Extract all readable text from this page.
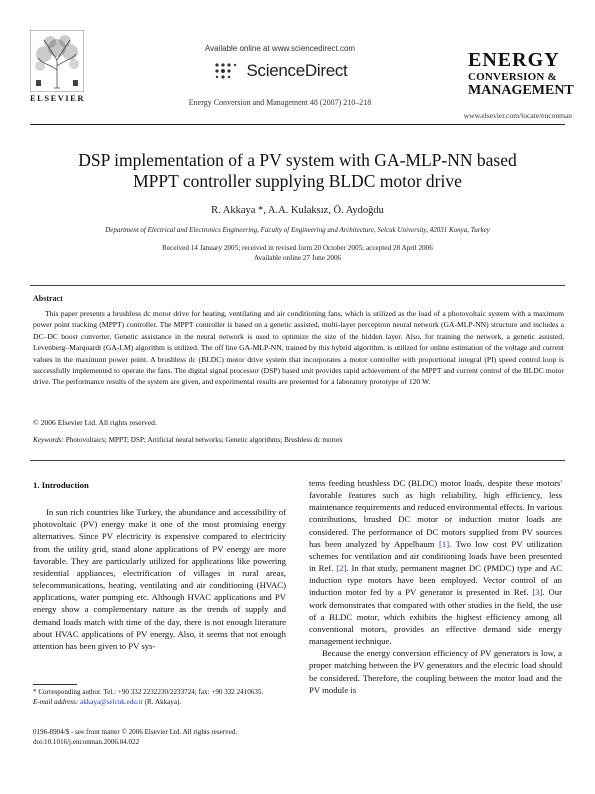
ELSEVIER
Available online at www.sciencedirect.com
ScienceDirect
Energy Conversion and Management 48 (2007) 210–218
ENERGY
CONVERSION &
MANAGEMENT
www.elsevier.com/locate/enconman
DSP implementation of a PV system with GA-MLP-NN based
MPPT controller supplying BLDC motor drive
R. Akkaya *, A.A. Kulaksız, Ö. Aydoğdu
Department of Electrical and Electronics Engineering, Faculty of Engineering and Architecture, Selcuk University, 42031 Konya, Turkey
Received 14 January 2005; received in revised form 20 October 2005; accepted 28 April 2006
Available online 27 June 2006
Abstract
This paper presents a brushless dc motor drive for heating, ventilating and air conditioning fans, which is utilized as the load of a photovoltaic system with a maximum power point tracking (MPPT) controller. The MPPT controller is based on a genetic assisted, multi-layer perceptron neural network (GA-MLP-NN) structure and includes a DC–DC boost converter. Genetic assistance in the neural network is used to optimize the size of the hidden layer. Also, for training the network, a genetic assisted, Levenberg–Marquardt (GA-LM) algorithm is utilized. The off line GA-MLP-NN, trained by this hybrid algorithm, is utilized for online estimation of the voltage and current values in the maximum power point. A brushless dc (BLDC) motor drive system that incorporates a motor controller with proportional integral (PI) speed control loop is successfully implemented to operate the fans. The digital signal processor (DSP) based unit provides rapid achievement of the MPPT and current control of the BLDC motor drive. The performance results of the system are given, and experimental results are presented for a laboratory prototype of 120 W.
© 2006 Elsevier Ltd. All rights reserved.
Keywords: Photovoltaics; MPPT; DSP; Artificial neural networks; Genetic algorithms; Brushless dc motors
1. Introduction

In sun rich countries like Turkey, the abundance and accessibility of photovoltaic (PV) energy make it one of the most promising energy alternatives. Since PV electricity is expensive compared to electricity from the utility grid, stand alone applications of PV energy are more favorable. They are particularly utilized for applications like powering residential appliances, electrification of villages in rural areas, telecommunications, heating, ventilating and air conditioning (HVAC) applications, water pumping etc. Although HVAC applications and PV energy show a complementary nature as the trends of supply and demand loads match with time of the day, there is not enough literature about HVAC applications of PV energy. Also, it seems that not enough attention has been given to PV sys-

tems feeding brushless DC (BLDC) motor loads, despite these motors' favorable features such as high reliability, high efficiency, less maintenance requirements and reduced environmental effects. In various contributions, brushed DC motor or induction motor loads are considered. The performance of DC motors supplied from PV sources has been analyzed by Appelbaum [1]. Two low cost PV utilization schemes for ventilation and air conditioning loads have been presented in Ref. [2]. In that study, permanent magnet DC (PMDC) type and AC induction type motors have been employed. Vector control of an induction motor fed by a PV generator is presented in Ref. [3]. Our work demonstrates that compared with other studies in the field, the use of a BLDC motor, which exhibits the highest efficiency among all conventional motors, provides an effective demand side energy management technique.

Because the energy conversion efficiency of PV generators is low, a proper matching between the PV generators and the electric load should be considered. Therefore, the coupling between the motor load and the PV module is

* Corresponding author. Tel.: +90 332 2232230/2233724; fax: +90 332 2410635.
E-mail address: akkaya@selcuk.edu.tr (R. Akkaya).
0196-8904/$ - see front matter © 2006 Elsevier Ltd. All rights reserved.
doi:10.1016/j.enconman.2006.04.022
